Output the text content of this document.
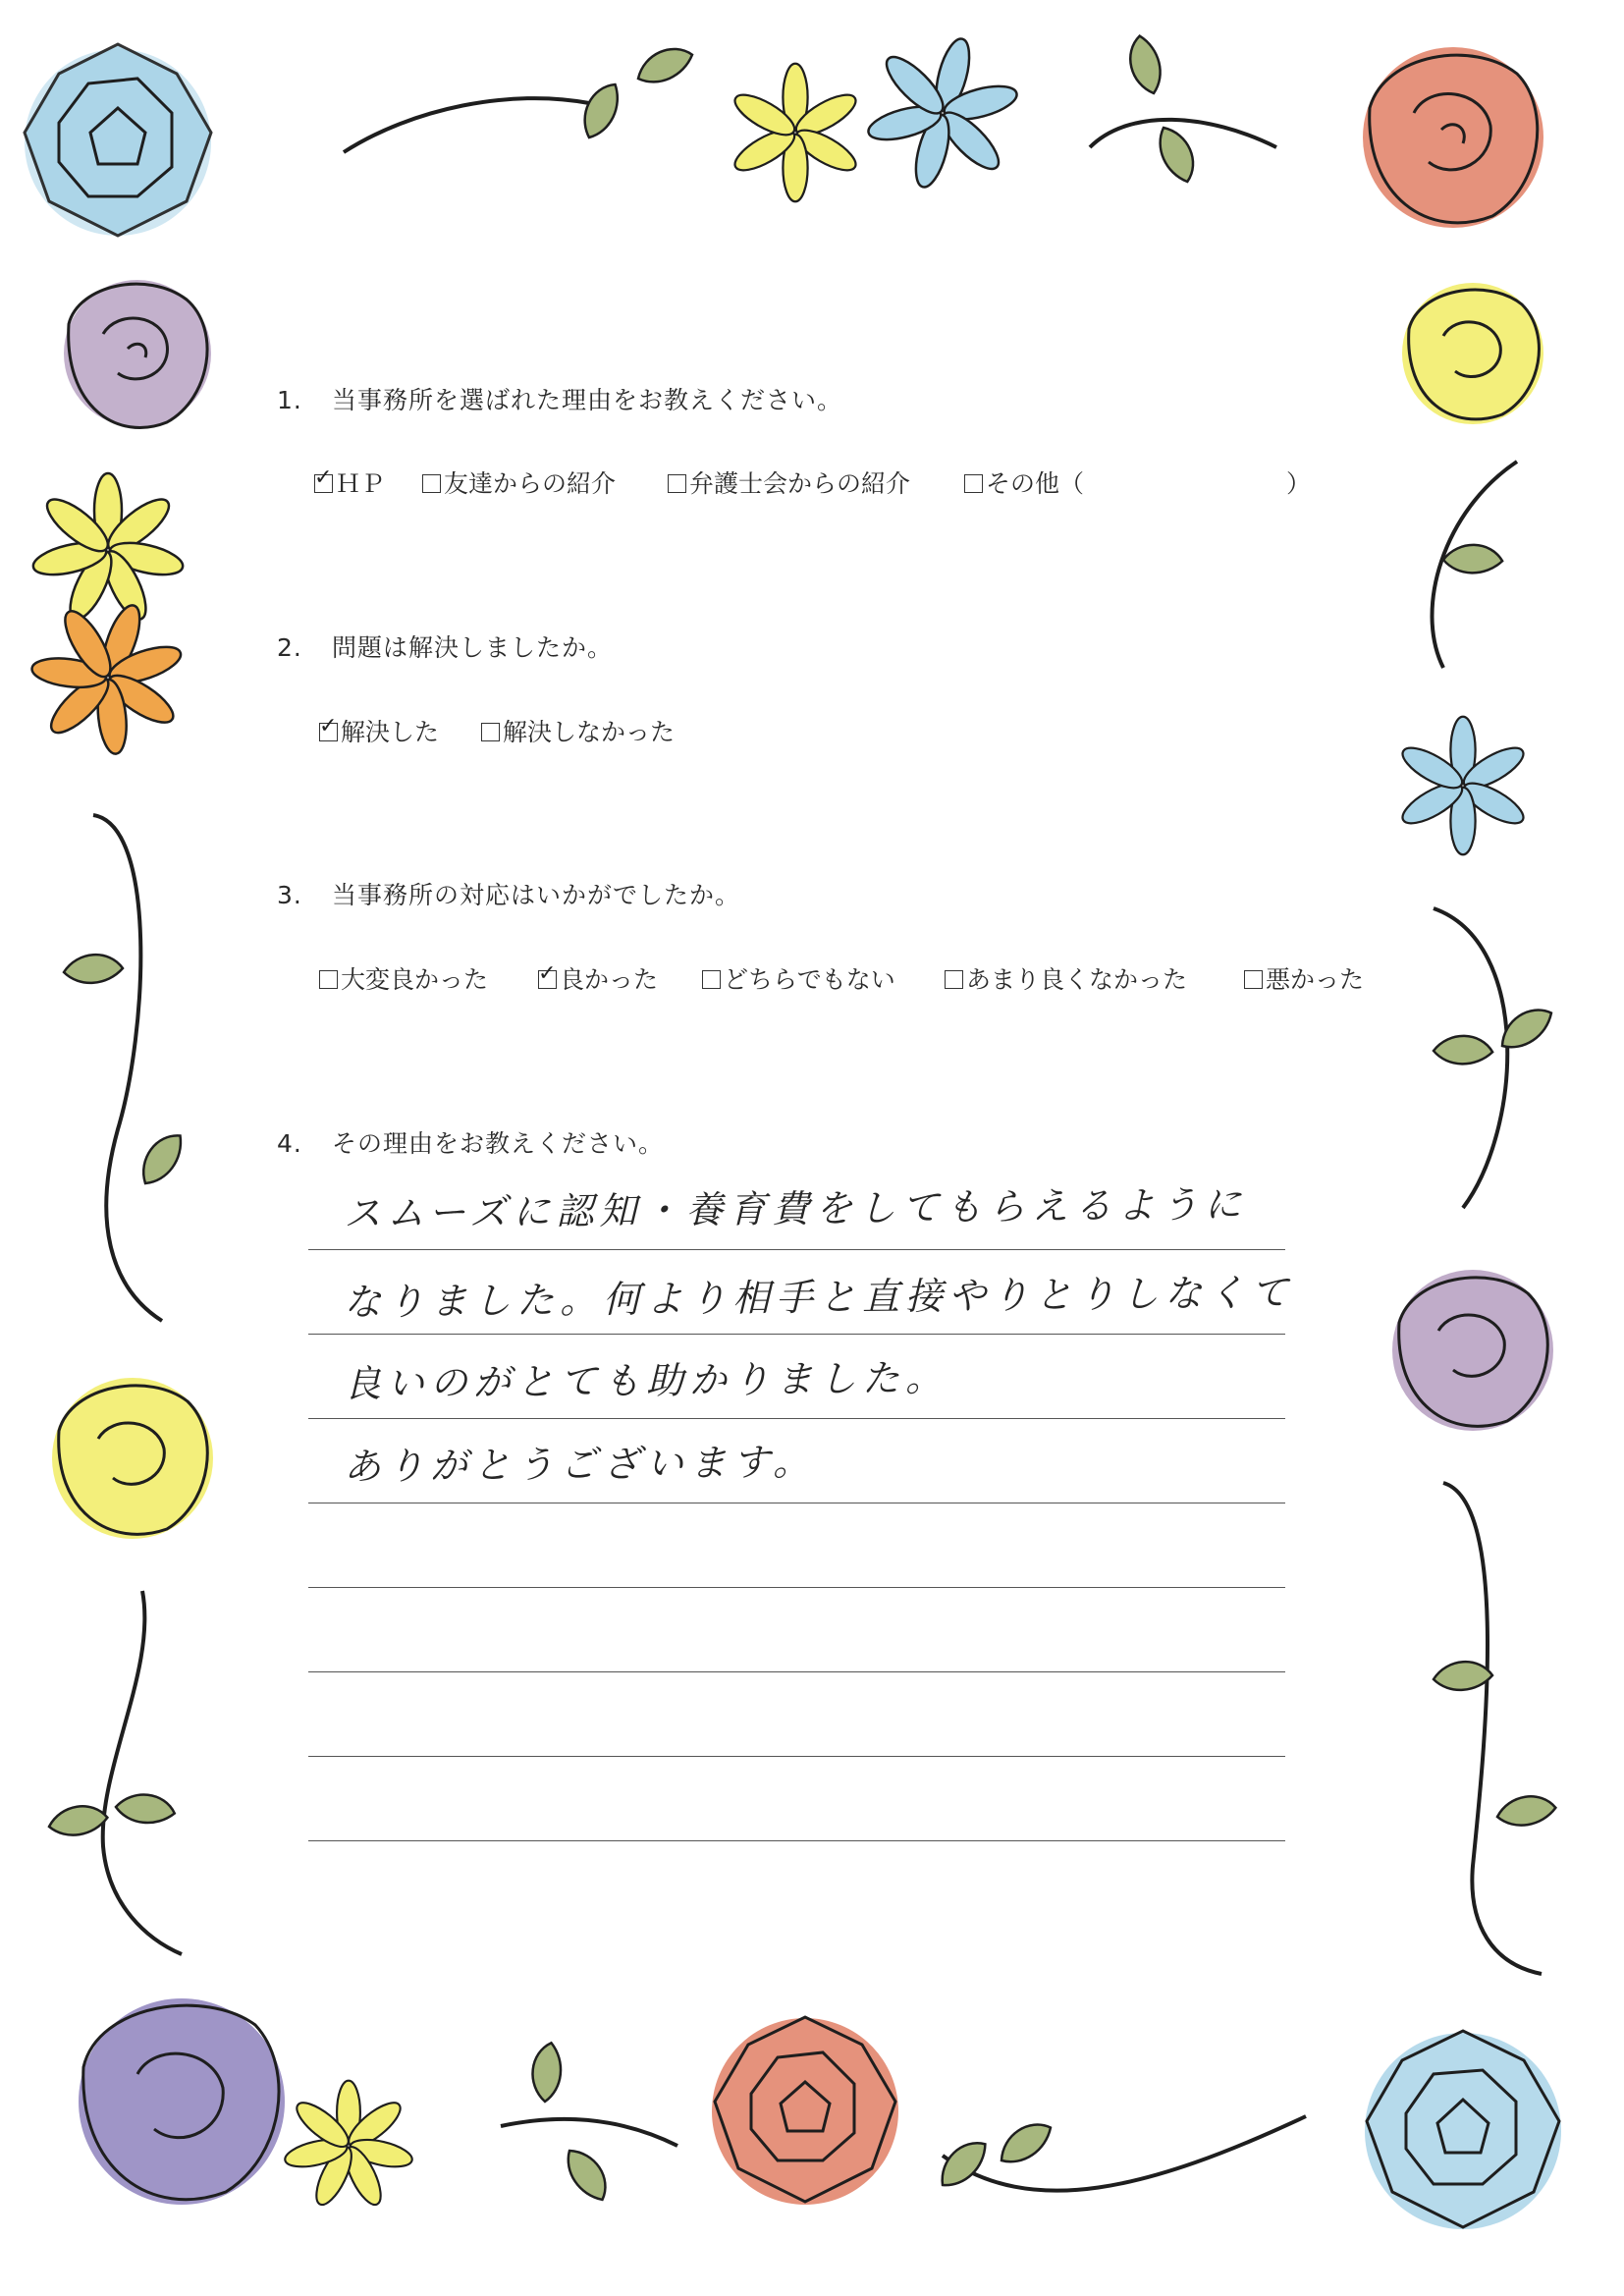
1. 当事務所を選ばれた理由をお教えください。
✓ ＨＰ	友達からの紹介	弁護士会からの紹介	その他（	）
2. 問題は解決しましたか。
✓ 解決した	解決しなかった
3. 当事務所の対応はいかがでしたか。
大変良かった ✓ 良かった	どちらでもない	あまり良くなかった	悪かった
4. その理由をお教えください。
スムーズに認知・養育費をしてもらえるように
なりました。何より相手と直接やりとりしなくて
良いのがとても助かりました。
ありがとうございます。
